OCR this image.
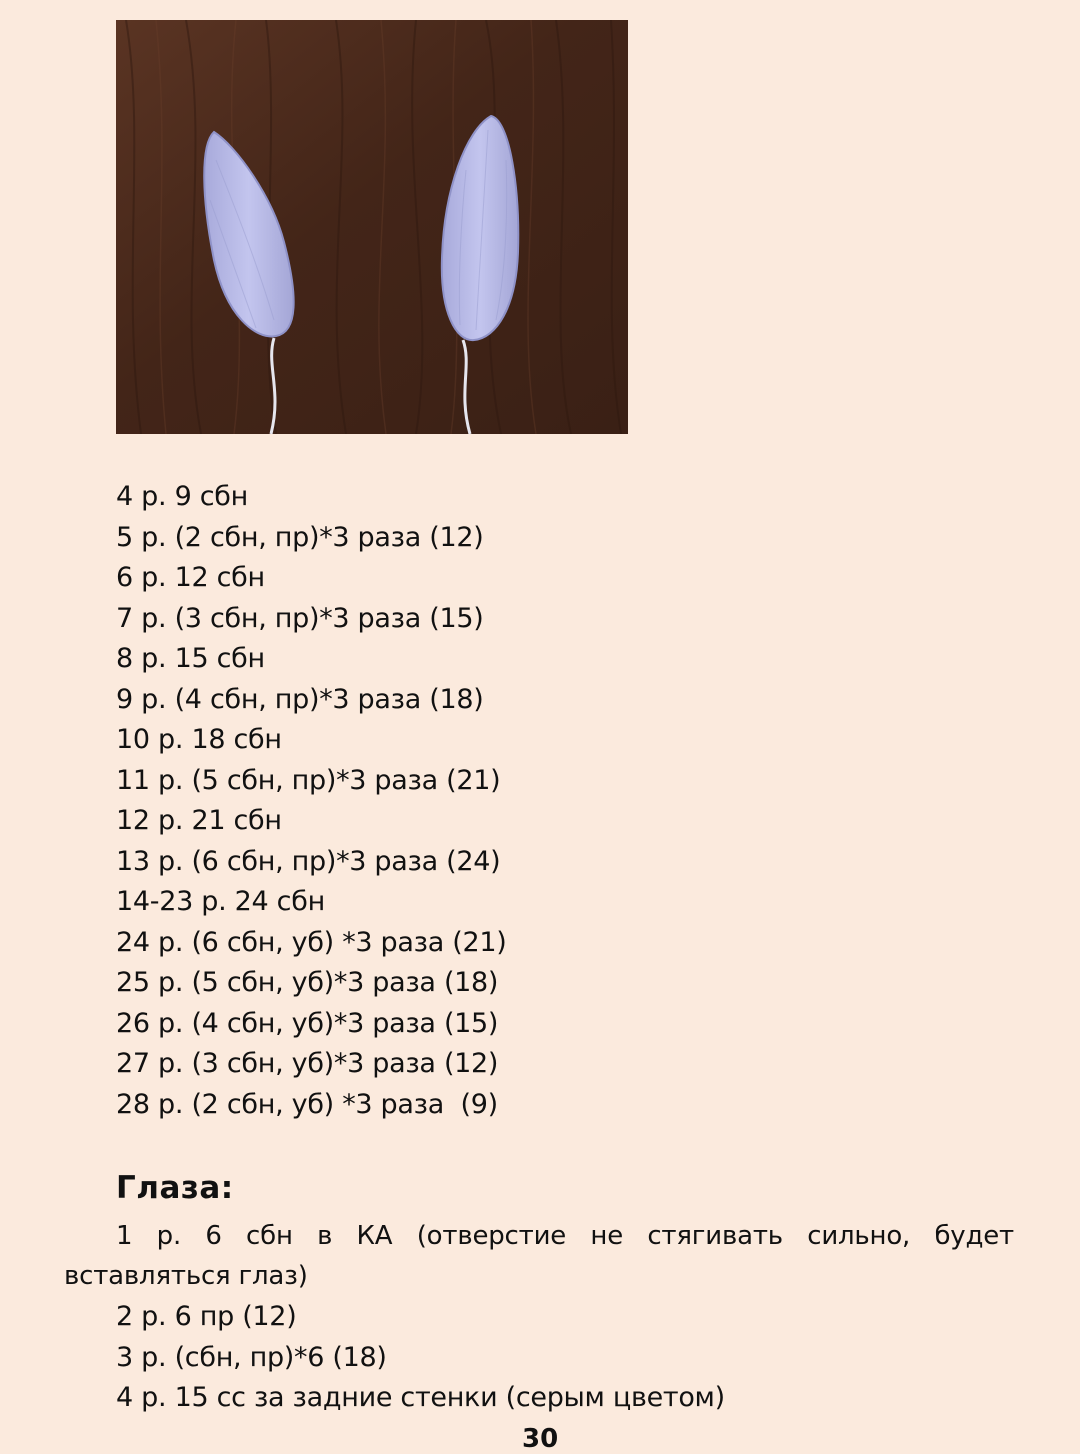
4 р. 9 сбн
5 р. (2 сбн, пр)*3 раза (12)
6 р. 12 сбн
7 р. (3 сбн, пр)*3 раза (15)
8 р. 15 сбн
9 р. (4 сбн, пр)*3 раза (18)
10 р. 18 сбн
11 р. (5 сбн, пр)*3 раза (21)
12 р. 21 сбн
13 р. (6 сбн, пр)*3 раза (24)
14-23 р. 24 сбн
24 р. (6 сбн, уб) *3 раза (21)
25 р. (5 сбн, уб)*3 раза (18)
26 р. (4 сбн, уб)*3 раза (15)
27 р. (3 сбн, уб)*3 раза (12)
28 р. (2 сбн, уб) *3 раза  (9)
Глаза:

1 р. 6 сбн в КА (отверстие не стягивать сильно, будет вставляться глаз)

2 р. 6 пр (12)
3 р. (сбн, пр)*6 (18)
4 р. 15 сс за задние стенки (серым цветом)
30
